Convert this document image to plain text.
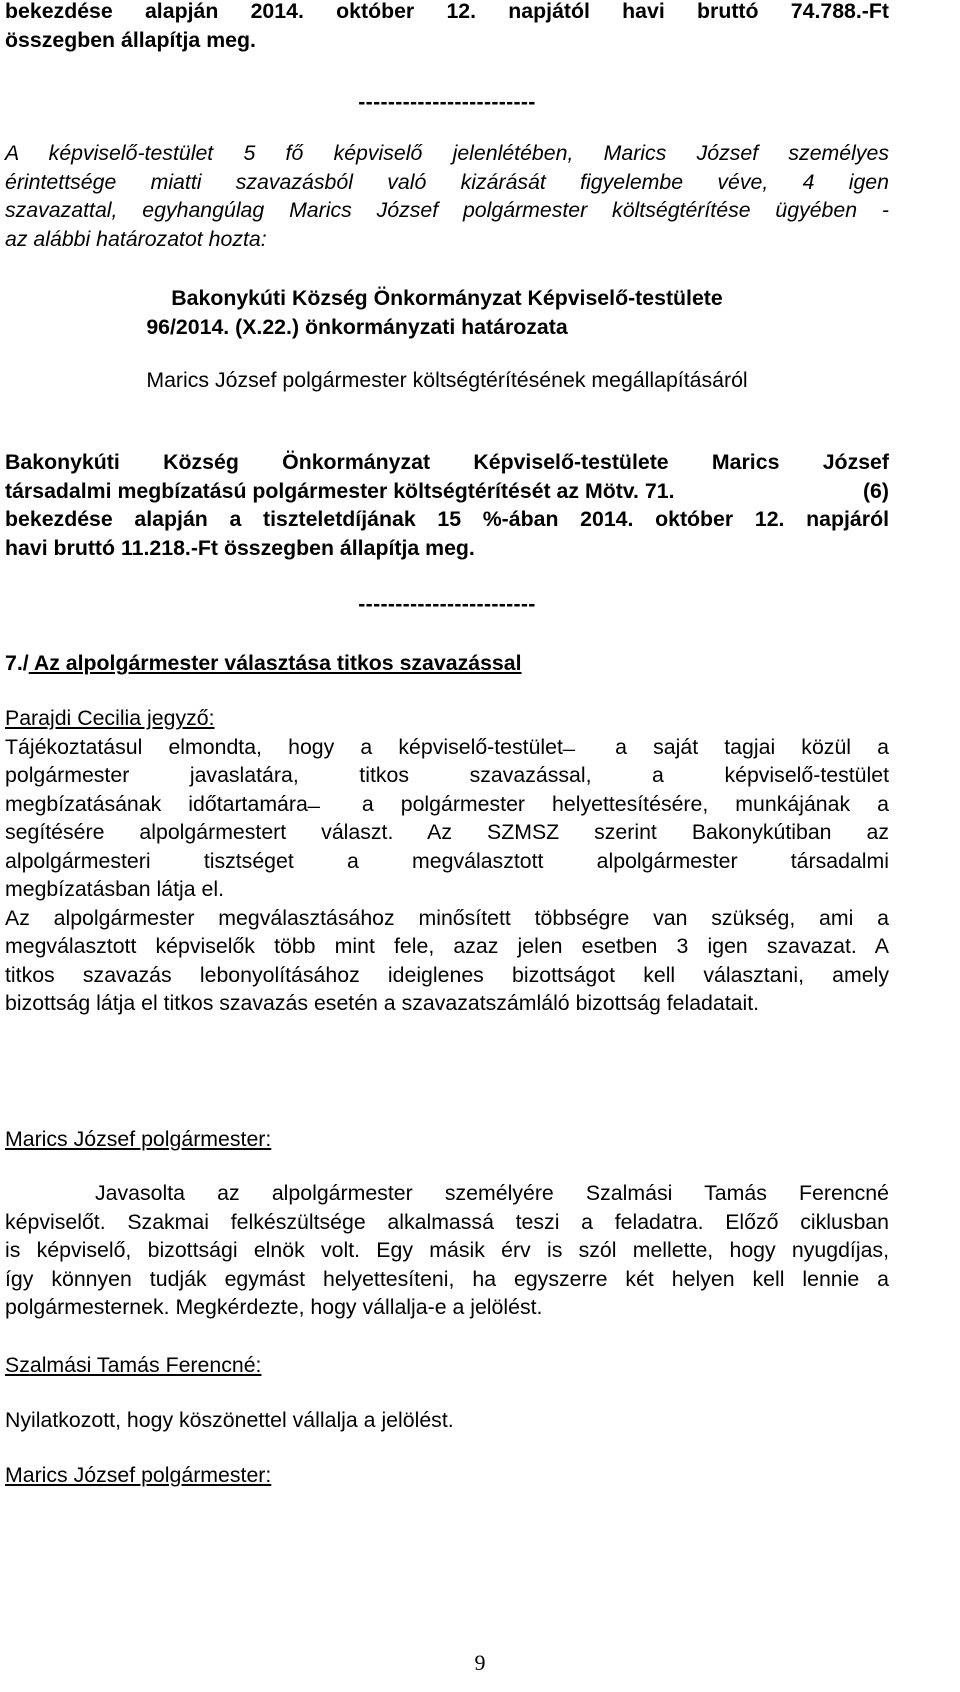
bekezdése alapján 2014. október 12. napjától havi bruttó 74.788.-Ft
összegben állapítja meg.
------------------------
A képviselő-testület 5 fő képviselő jelenlétében, Marics József személyes
érintettsége miatti szavazásból való kizárását figyelembe véve, 4 igen
szavazattal, egyhangúlag Marics József polgármester költségtérítése ügyében -
az alábbi határozatot hozta:
Bakonykúti Község Önkormányzat Képviselő-testülete
96/2014. (X.22.) önkormányzati határozata
Marics József polgármester költségtérítésének megállapításáról
Bakonykúti Község Önkormányzat Képviselő-testülete Marics József
társadalmi megbízatású polgármester költségtérítését az Mötv. 71.	(6)
bekezdése alapján a tiszteletdíjának 15 %-ában 2014. október 12. napjáról
havi bruttó 11.218.-Ft összegben állapítja meg.
------------------------
7./ Az alpolgármester választása titkos szavazással
Parajdi Cecilia jegyző:
Tájékoztatásul elmondta, hogy a képviselő-testület ̶ a saját tagjai közül a
polgármester javaslatára, titkos szavazással, a képviselő-testület
megbízatásának időtartamára ̶ a polgármester helyettesítésére, munkájának a
segítésére alpolgármestert választ. Az SZMSZ szerint Bakonykútiban az
alpolgármesteri tisztséget a megválasztott alpolgármester társadalmi
megbízatásban látja el.
Az alpolgármester megválasztásához minősített többségre van szükség, ami a
megválasztott képviselők több mint fele, azaz jelen esetben 3 igen szavazat. A
titkos szavazás lebonyolításához ideiglenes bizottságot kell választani, amely
bizottság látja el titkos szavazás esetén a szavazatszámláló bizottság feladatait.
Marics József polgármester:
Javasolta az alpolgármester személyére Szalmási Tamás Ferencné
képviselőt. Szakmai felkészültsége alkalmassá teszi a feladatra. Előző ciklusban
is képviselő, bizottsági elnök volt. Egy másik érv is szól mellette, hogy nyugdíjas,
így könnyen tudják egymást helyettesíteni, ha egyszerre két helyen kell lennie a
polgármesternek. Megkérdezte, hogy vállalja-e a jelölést.
Szalmási Tamás Ferencné:
Nyilatkozott, hogy köszönettel vállalja a jelölést.
Marics József polgármester:
9
